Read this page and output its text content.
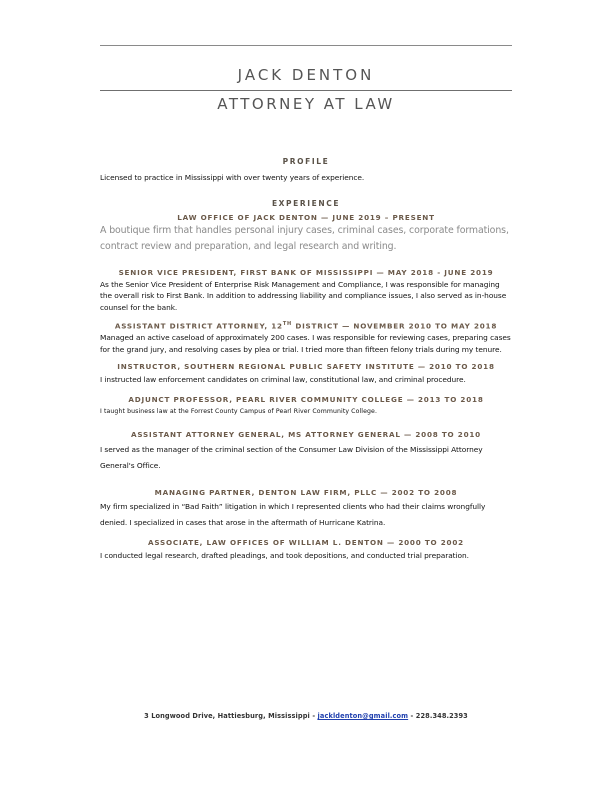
JACK DENTON
ATTORNEY AT LAW

PROFILE

Licensed to practice in Mississippi with over twenty years of experience.

EXPERIENCE

LAW OFFICE OF JACK DENTON — JUNE 2019 – PRESENT

A boutique firm that handles personal injury cases, criminal cases, corporate formations, contract review and preparation, and legal research and writing.

SENIOR VICE PRESIDENT, FIRST BANK OF MISSISSIPPI — MAY 2018 - JUNE 2019

As the Senior Vice President of Enterprise Risk Management and Compliance, I was responsible for managing the overall risk to First Bank. In addition to addressing liability and compliance issues, I also served as in-house counsel for the bank.

ASSISTANT DISTRICT ATTORNEY, 12TH DISTRICT — NOVEMBER 2010 TO MAY 2018

Managed an active caseload of approximately 200 cases. I was responsible for reviewing cases, preparing cases for the grand jury, and resolving cases by plea or trial. I tried more than fifteen felony trials during my tenure.

INSTRUCTOR, SOUTHERN REGIONAL PUBLIC SAFETY INSTITUTE — 2010 TO 2018

I instructed law enforcement candidates on criminal law, constitutional law, and criminal procedure.

ADJUNCT PROFESSOR, PEARL RIVER COMMUNITY COLLEGE — 2013 TO 2018

I taught business law at the Forrest County Campus of Pearl River Community College.

ASSISTANT ATTORNEY GENERAL, MS ATTORNEY GENERAL — 2008 TO 2010

I served as the manager of the criminal section of the Consumer Law Division of the Mississippi Attorney General's Office.

MANAGING PARTNER, DENTON LAW FIRM, PLLC — 2002 TO 2008

My firm specialized in “Bad Faith” litigation in which I represented clients who had their claims wrongfully denied. I specialized in cases that arose in the aftermath of Hurricane Katrina.

ASSOCIATE, LAW OFFICES OF WILLIAM L. DENTON — 2000 TO 2002

I conducted legal research, drafted pleadings, and took depositions, and conducted trial preparation.

3 Longwood Drive, Hattiesburg, Mississippi - jackldenton@gmail.com - 228.348.2393
